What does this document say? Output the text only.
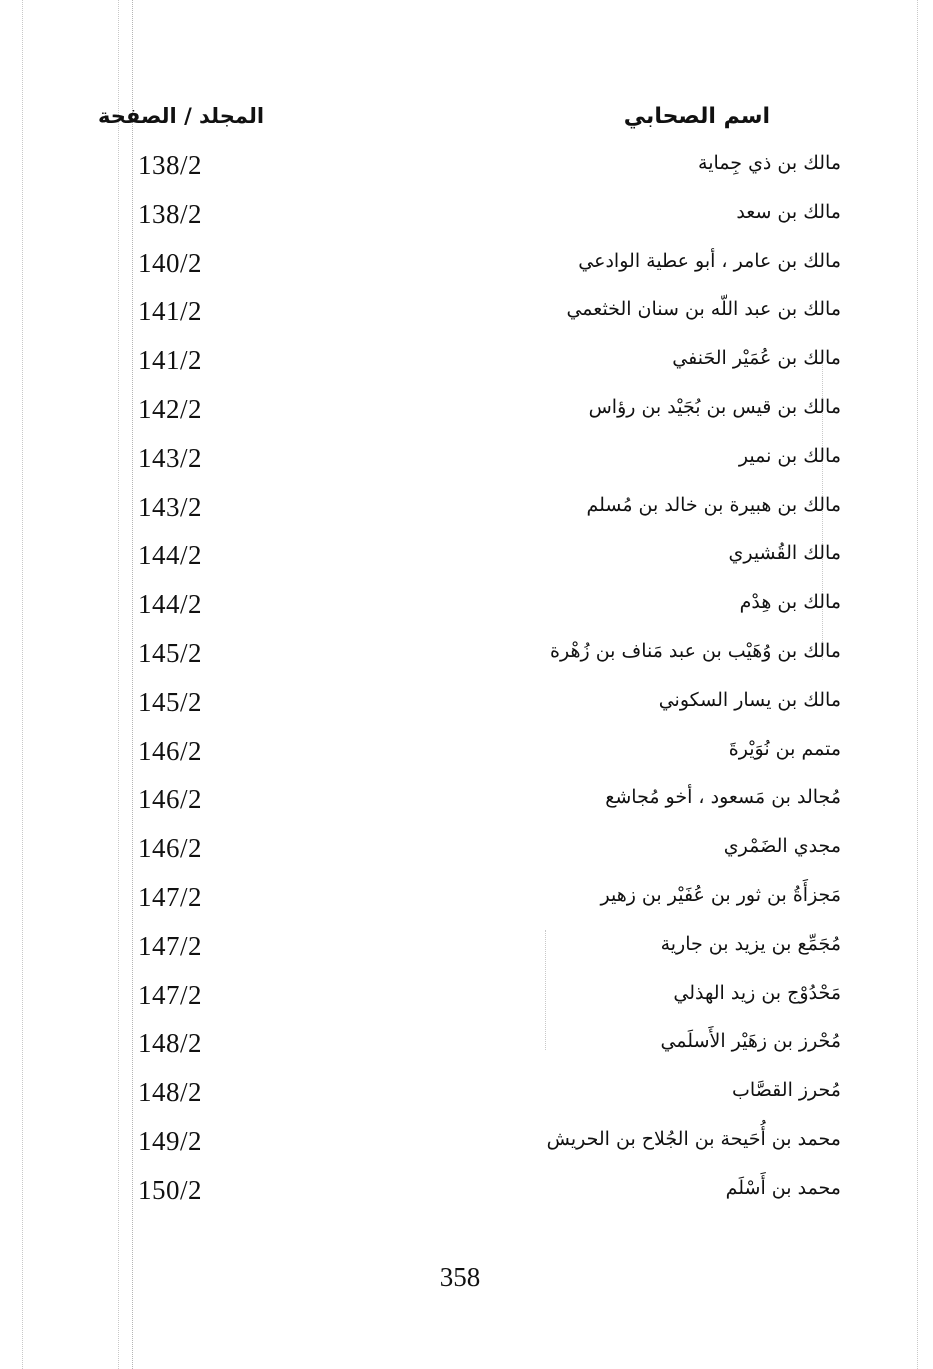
المجلد / الصفحة	اسم الصحابي
138/2	مالك بن ذي جِماية
138/2	مالك بن سعد
140/2	مالك بن عامر ، أبو عطية الوادعي
141/2	مالك بن عبد اللّه بن سنان الخثعمي
141/2	مالك بن عُمَيْر الحَنفي
142/2	مالك بن قيس بن بُجَيْد بن رؤاس
143/2	مالك بن نمير
143/2	مالك بن هبيرة بن خالد بن مُسلم
144/2	مالك القُشيري
144/2	مالك بن هِدْم
145/2	مالك بن وُهَيْب بن عبد مَناف بن زُهْرة
145/2	مالك بن يسار السكوني
146/2	متمم بن نُوَيْرةَ
146/2	مُجالد بن مَسعود ، أخو مُجاشع
146/2	مجدي الضَمْري
147/2	مَجزأَةُ بن ثور بن عُفَيْر بن زهير
147/2	مُجَمِّع بن يزيد بن جارية
147/2	مَحْدُوْج بن زيد الهذلي
148/2	مُحْرز بن زهَيْر الأَسلَمي
148/2	مُحرز القصَّاب
149/2	محمد بن أُحَيحة بن الجُلاح بن الحريش
150/2	محمد بن أَسْلَم
358
